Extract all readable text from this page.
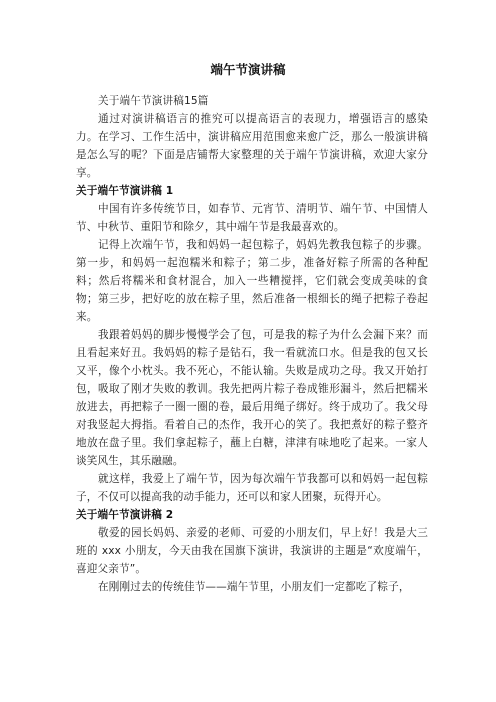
端午节演讲稿

关于端午节演讲稿15篇

通过对演讲稿语言的推究可以提高语言的表现力，增强语言的感染力。在学习、工作生活中，演讲稿应用范围愈来愈广泛，那么一般演讲稿是怎么写的呢？下面是店铺帮大家整理的关于端午节演讲稿，欢迎大家分享。

关于端午节演讲稿 1

中国有许多传统节日，如春节、元宵节、清明节、端午节、中国情人节、中秋节、重阳节和除夕，其中端午节是我最喜欢的。

记得上次端午节，我和妈妈一起包粽子，妈妈先教我包粽子的步骤。第一步，和妈妈一起泡糯米和粽子；第二步，准备好粽子所需的各种配料；然后将糯米和食材混合，加入一些糟搅拌，它们就会变成美味的食物；第三步，把好吃的放在粽子里，然后准备一根细长的绳子把粽子卷起来。

我跟着妈妈的脚步慢慢学会了包，可是我的粽子为什么会漏下来？而且看起来好丑。我妈妈的粽子是钻石，我一看就流口水。但是我的包又长又平，像个小枕头。我不死心，不能认输。失败是成功之母。我又开始打包，吸取了刚才失败的教训。我先把两片粽子卷成锥形漏斗，然后把糯米放进去，再把粽子一圈一圈的卷，最后用绳子绑好。终于成功了。我父母对我竖起大拇指。看着自己的杰作，我开心的笑了。我把煮好的粽子整齐地放在盘子里。我们拿起粽子，蘸上白糖，津津有味地吃了起来。一家人谈笑风生，其乐融融。

就这样，我爱上了端午节，因为每次端午节我都可以和妈妈一起包粽子，不仅可以提高我的动手能力，还可以和家人团聚，玩得开心。

关于端午节演讲稿 2

敬爱的园长妈妈、亲爱的老师、可爱的小朋友们，早上好！我是大三班的 xxx 小朋友，今天由我在国旗下演讲，我演讲的主题是“欢度端午，喜迎父亲节”。

在刚刚过去的传统佳节——端午节里，小朋友们一定都吃了粽子，
